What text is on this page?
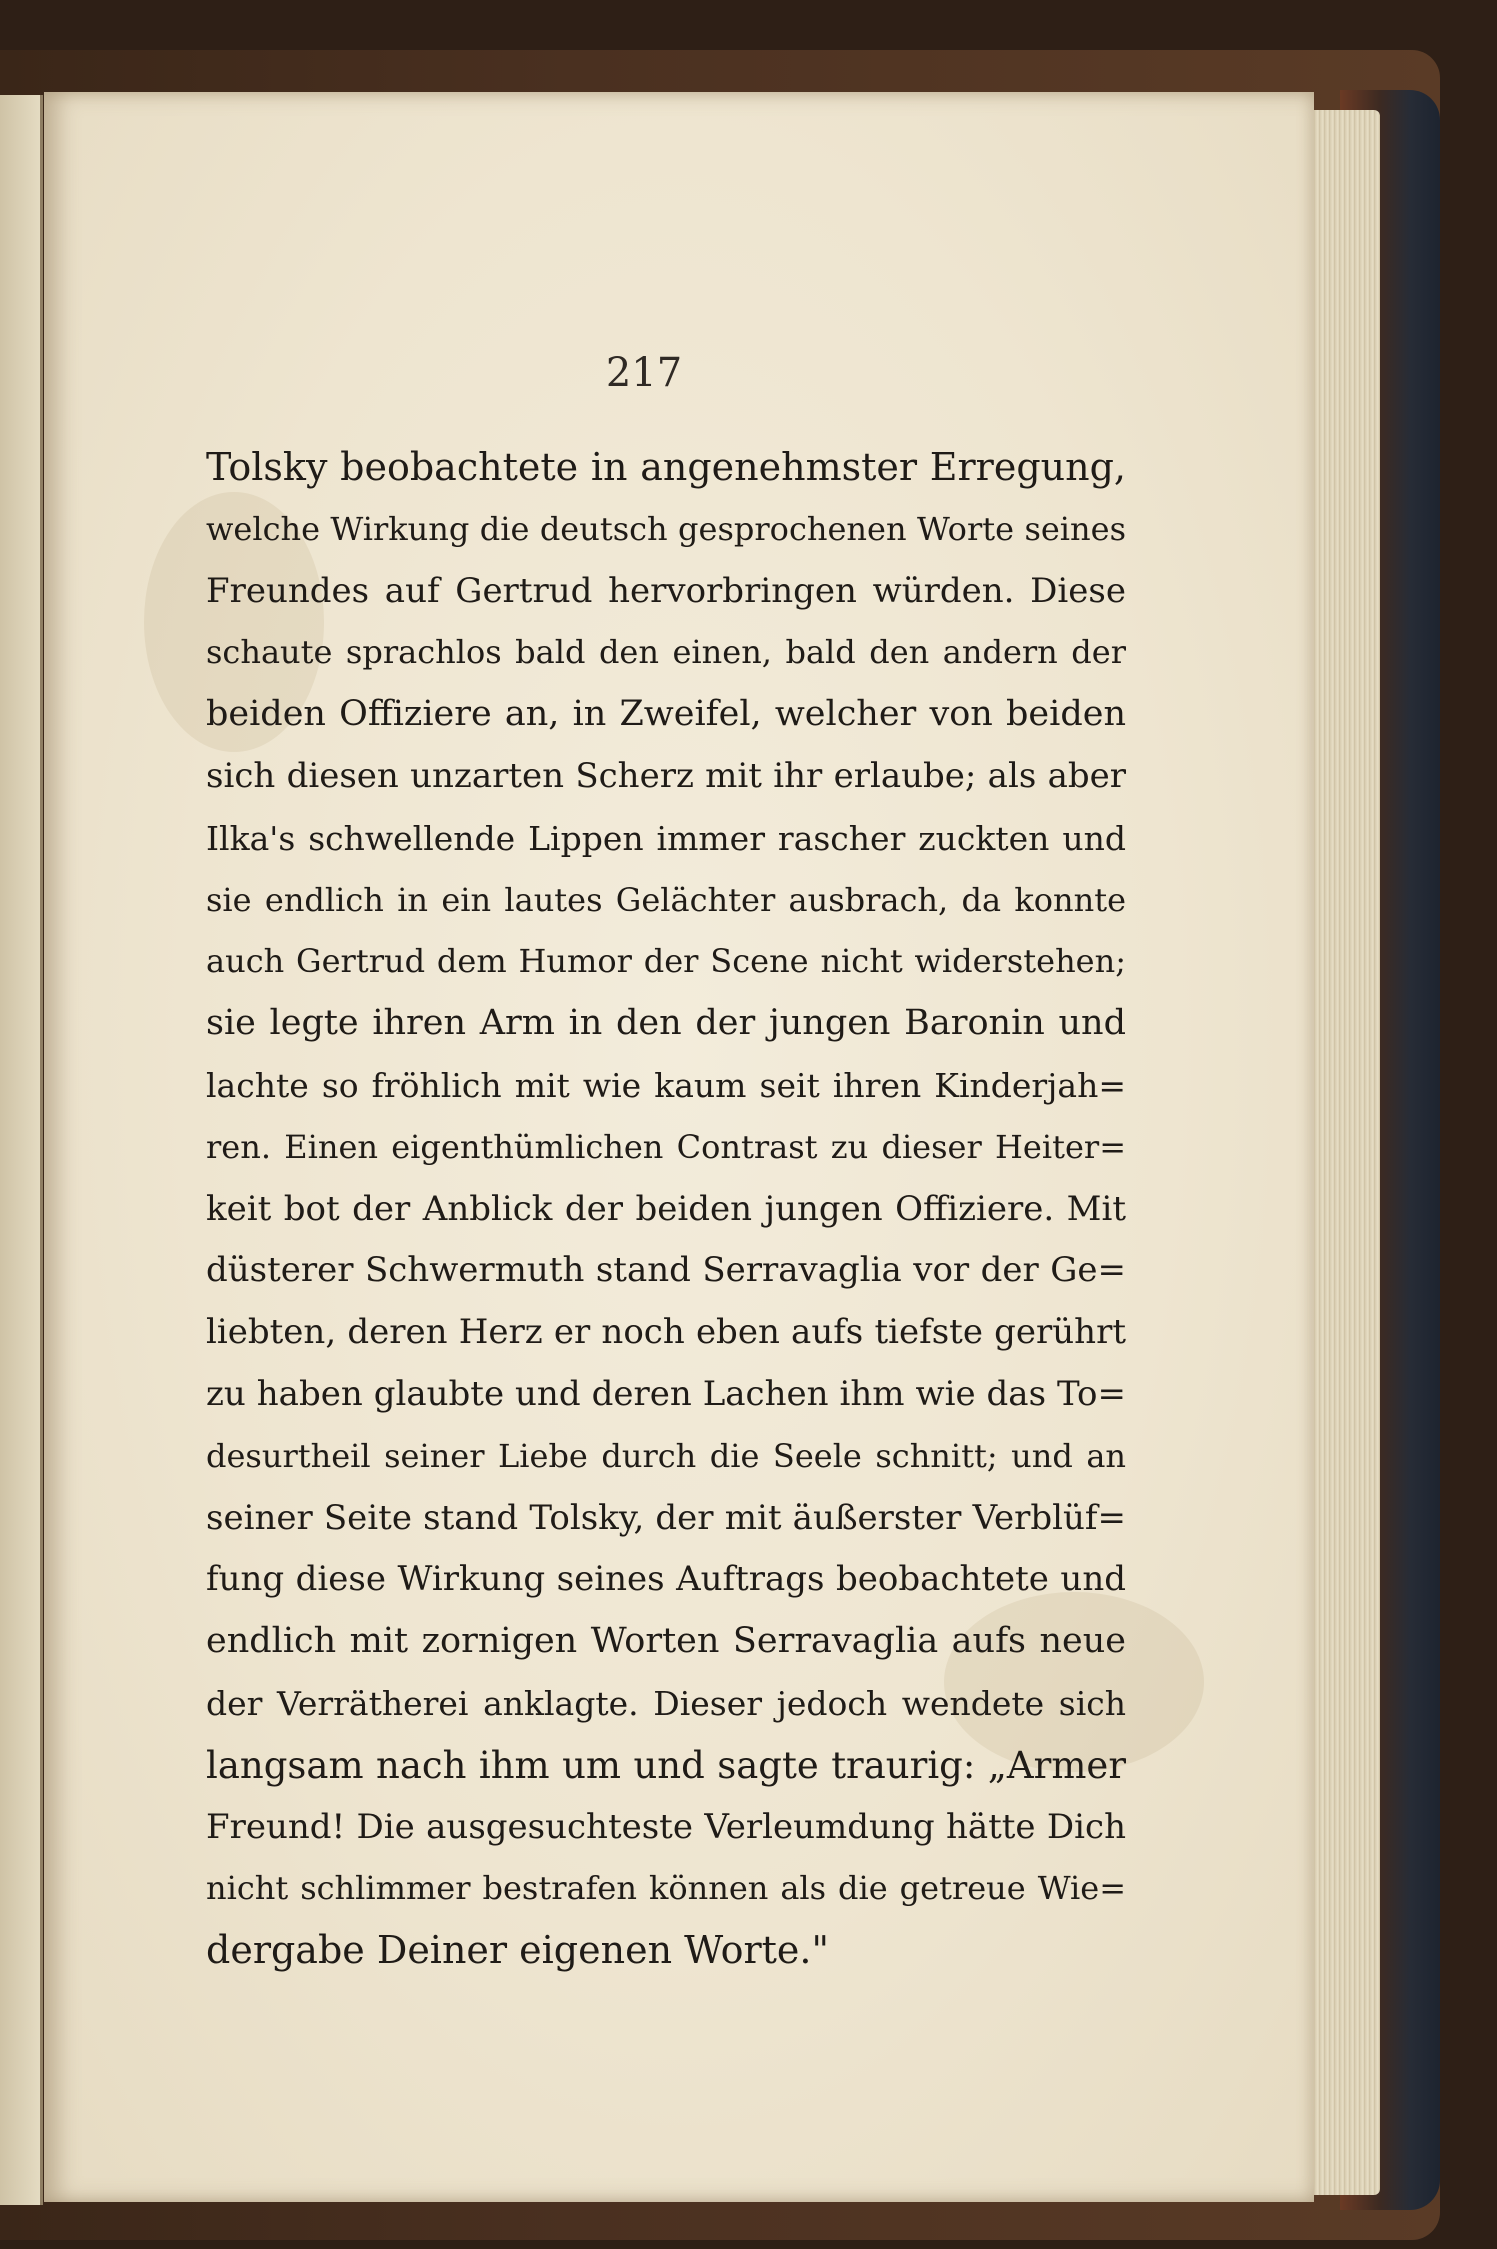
217
Tolsky beobachtete in angenehmster Erregung,
welche Wirkung die deutsch gesprochenen Worte seines
Freundes auf Gertrud hervorbringen würden. Diese
schaute sprachlos bald den einen, bald den andern der
beiden Offiziere an, in Zweifel, welcher von beiden
sich diesen unzarten Scherz mit ihr erlaube; als aber
Ilka's schwellende Lippen immer rascher zuckten und
sie endlich in ein lautes Gelächter ausbrach, da konnte
auch Gertrud dem Humor der Scene nicht widerstehen;
sie legte ihren Arm in den der jungen Baronin und
lachte so fröhlich mit wie kaum seit ihren Kinderjah=
ren. Einen eigenthümlichen Contrast zu dieser Heiter=
keit bot der Anblick der beiden jungen Offiziere. Mit
düsterer Schwermuth stand Serravaglia vor der Ge=
liebten, deren Herz er noch eben aufs tiefste gerührt
zu haben glaubte und deren Lachen ihm wie das To=
desurtheil seiner Liebe durch die Seele schnitt; und an
seiner Seite stand Tolsky, der mit äußerster Verblüf=
fung diese Wirkung seines Auftrags beobachtete und
endlich mit zornigen Worten Serravaglia aufs neue
der Verrätherei anklagte. Dieser jedoch wendete sich
langsam nach ihm um und sagte traurig: „Armer
Freund! Die ausgesuchteste Verleumdung hätte Dich
nicht schlimmer bestrafen können als die getreue Wie=
dergabe Deiner eigenen Worte."
